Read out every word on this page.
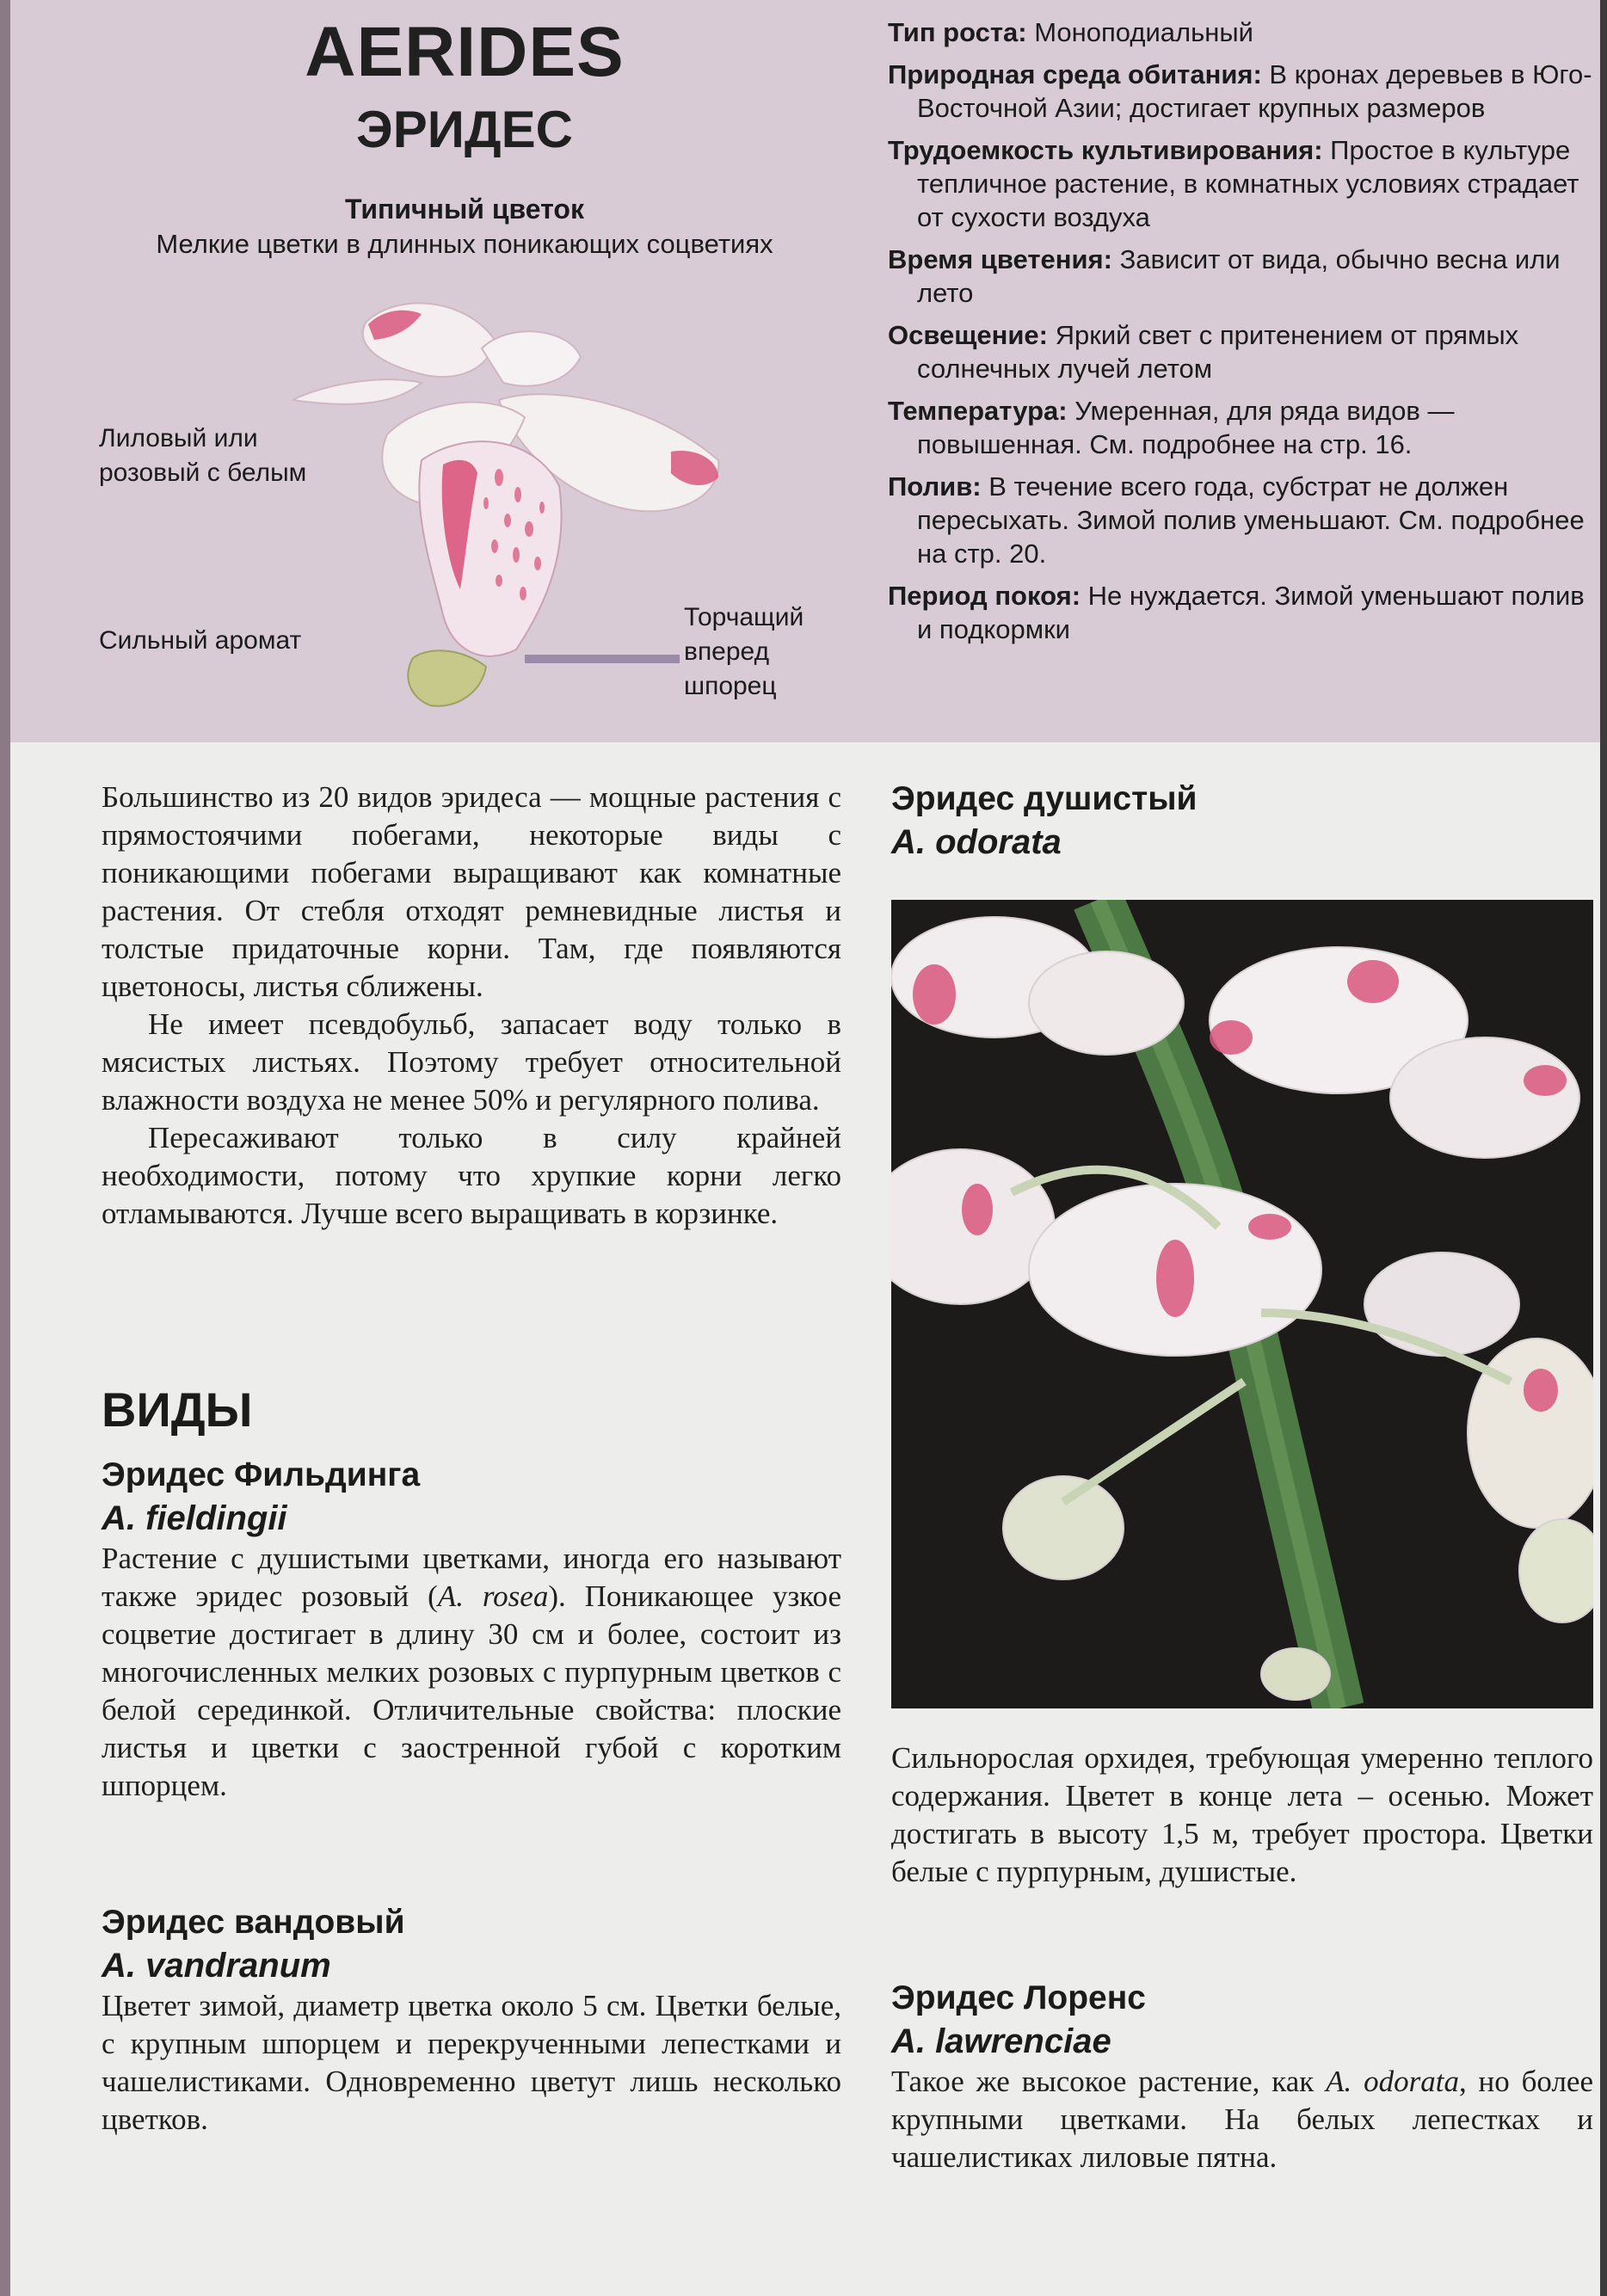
AERIDES
ЭРИДЕС
Типичный цветок
Мелкие цветки в длинных поникающих соцветиях
Лиловый или розовый с белым
Сильный аромат
Торчащий вперед шпорец
Тип роста: Моноподиальный
Природная среда обитания: В кронах деревьев в Юго-Восточной Азии; достигает крупных размеров
Трудоемкость культивирования: Простое в культуре тепличное растение, в комнатных условиях страдает от сухости воздуха
Время цветения: Зависит от вида, обычно весна или лето
Освещение: Яркий свет с притенением от прямых солнечных лучей летом
Температура: Умеренная, для ряда видов — повышенная. См. подробнее на стр. 16.
Полив: В течение всего года, субстрат не должен пересыхать. Зимой полив уменьшают. См. подробнее на стр. 20.
Период покоя: Не нуждается. Зимой уменьшают полив и подкормки

Большинство из 20 видов эридеса — мощные растения с прямостоячими побегами, некоторые виды с поникающими побегами выращивают как комнатные растения. От стебля отходят ремневидные листья и толстые придаточные корни. Там, где появляются цветоносы, листья сближены.

Не имеет псевдобульб, запасает воду только в мясистых листьях. Поэтому требует относительной влажности воздуха не менее 50% и регулярного полива.

Пересаживают только в силу крайней необходимости, потому что хрупкие корни легко отламываются. Лучше всего выращивать в корзинке.

ВИДЫ
Эридес Фильдинга
A. fieldingii

Растение с душистыми цветками, иногда его называют также эридес розовый (A. rosea). Поникающее узкое соцветие достигает в длину 30 см и более, состоит из многочисленных мелких розовых с пурпурным цветков с белой серединкой. Отличительные свойства: плоские листья и цветки с заостренной губой с коротким шпорцем.

Эридес вандовый
A. vandranum

Цветет зимой, диаметр цветка около 5 см. Цветки белые, с крупным шпорцем и перекрученными лепестками и чашелистиками. Одновременно цветут лишь несколько цветков.

Эридес душистый
A. odorata

Сильнорослая орхидея, требующая умеренно теплого содержания. Цветет в конце лета – осенью. Может достигать в высоту 1,5 м, требует простора. Цветки белые с пурпурным, душистые.

Эридес Лоренс
A. lawrenciae

Такое же высокое растение, как A. odorata, но более крупными цветками. На белых лепестках и чашелистиках лиловые пятна.
